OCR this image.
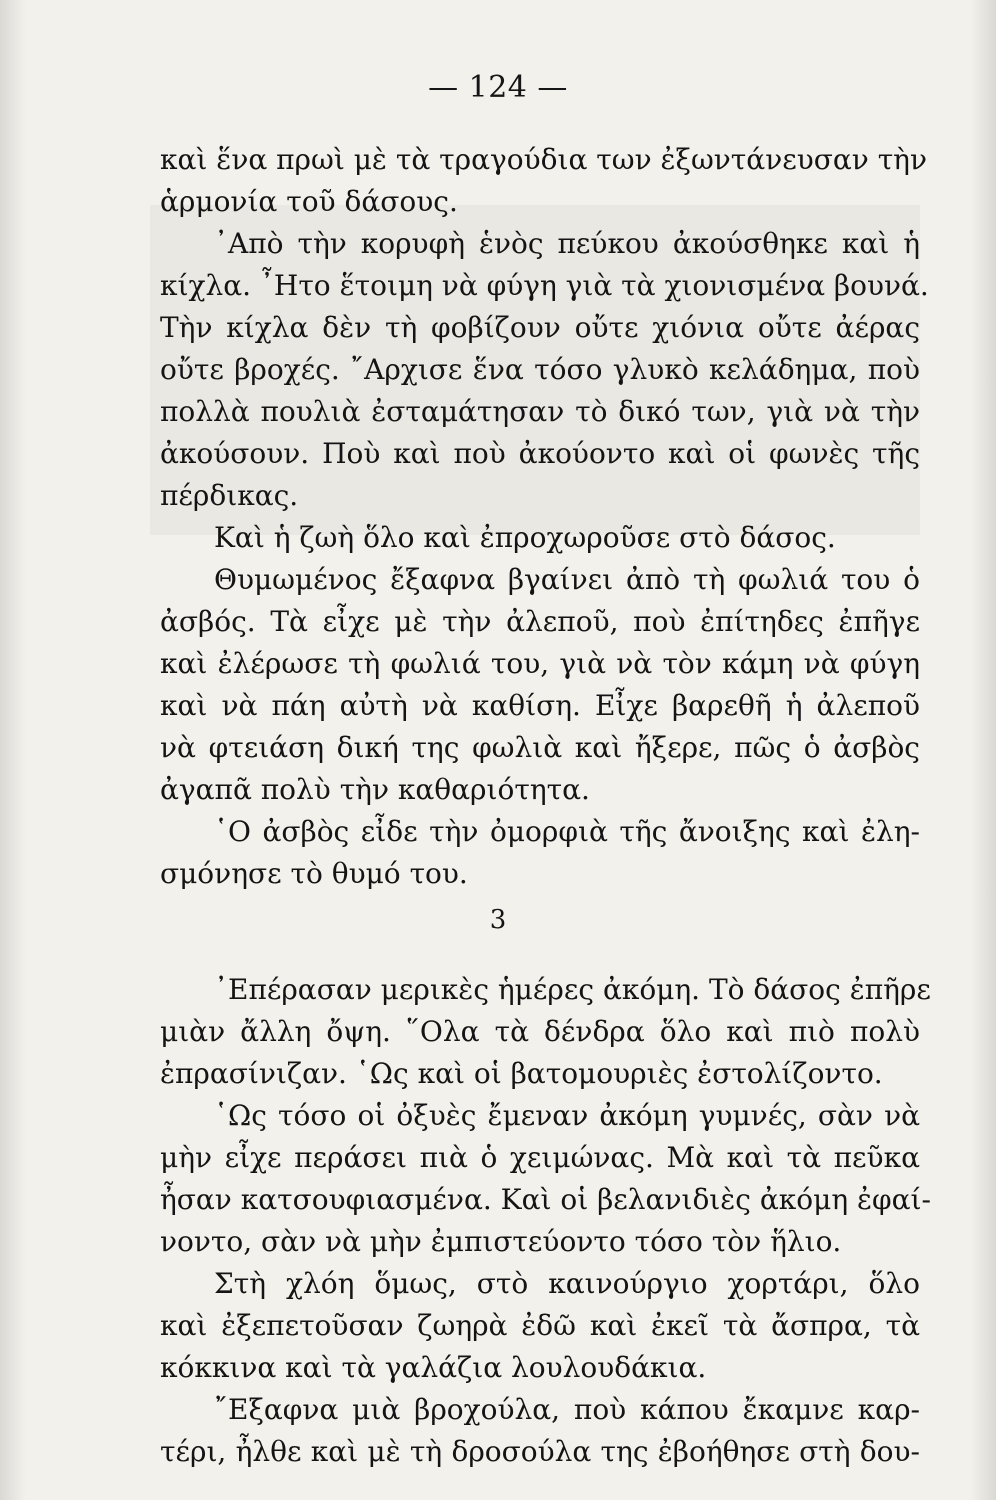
— 124 —
καὶ ἕνα πρωὶ μὲ τὰ τραγούδια των ἐξωντάνευσαν τὴν
ἁρμονία τοῦ δάσους.
᾿Απὸ τὴν κορυφὴ ἑνὸς πεύκου ἀκούσθηκε καὶ ἡ
κίχλα. ῏Ητο ἕτοιμη νὰ φύγη γιὰ τὰ χιονισμένα βουνά.
Τὴν κίχλα δὲν τὴ φοβίζουν οὔτε χιόνια οὔτε ἀέρας
οὔτε βροχές. ῎Αρχισε ἕνα τόσο γλυκὸ κελάδημα, ποὺ
πολλὰ πουλιὰ ἐσταμάτησαν τὸ δικό των, γιὰ νὰ τὴν
ἀκούσουν. Ποὺ καὶ ποὺ ἀκούοντο καὶ οἱ φωνὲς τῆς
πέρδικας.
Καὶ ἡ ζωὴ ὅλο καὶ ἐπροχωροῦσε στὸ δάσος.
Θυμωμένος ἔξαφνα βγαίνει ἀπὸ τὴ φωλιά του ὁ
ἀσβός. Τὰ εἶχε μὲ τὴν ἀλεποῦ, ποὺ ἐπίτηδες ἐπῆγε
καὶ ἐλέρωσε τὴ φωλιά του, γιὰ νὰ τὸν κάμη νὰ φύγη
καὶ νὰ πάη αὐτὴ νὰ καθίση. Εἶχε βαρεθῆ ἡ ἀλεποῦ
νὰ φτειάση δική της φωλιὰ καὶ ἤξερε, πῶς ὁ ἀσβὸς
ἀγαπᾶ πολὺ τὴν καθαριότητα.
῾Ο ἀσβὸς εἶδε τὴν ὀμορφιὰ τῆς ἄνοιξης καὶ ἐλη-
σμόνησε τὸ θυμό του.
3
᾿Επέρασαν μερικὲς ἡμέρες ἀκόμη. Τὸ δάσος ἐπῆρε
μιὰν ἄλλη ὄψη. ῞Ολα τὰ δένδρα ὅλο καὶ πιὸ πολὺ
ἐπρασίνιζαν. ῾Ως καὶ οἱ βατομουριὲς ἐστολίζοντο.
῾Ως τόσο οἱ ὀξυὲς ἔμεναν ἀκόμη γυμνές, σὰν νὰ
μὴν εἶχε περάσει πιὰ ὁ χειμώνας. Μὰ καὶ τὰ πεῦκα
ἦσαν κατσουφιασμένα. Καὶ οἱ βελανιδιὲς ἀκόμη ἐφαί-
νοντο, σὰν νὰ μὴν ἐμπιστεύοντο τόσο τὸν ἥλιο.
Στὴ χλόη ὅμως, στὸ καινούργιο χορτάρι, ὅλο
καὶ ἐξεπετοῦσαν ζωηρὰ ἐδῶ καὶ ἐκεῖ τὰ ἄσπρα, τὰ
κόκκινα καὶ τὰ γαλάζια λουλουδάκια.
῎Εξαφνα μιὰ βροχούλα, ποὺ κάπου ἔκαμνε καρ-
τέρι, ἦλθε καὶ μὲ τὴ δροσούλα της ἐβοήθησε στὴ δου-
